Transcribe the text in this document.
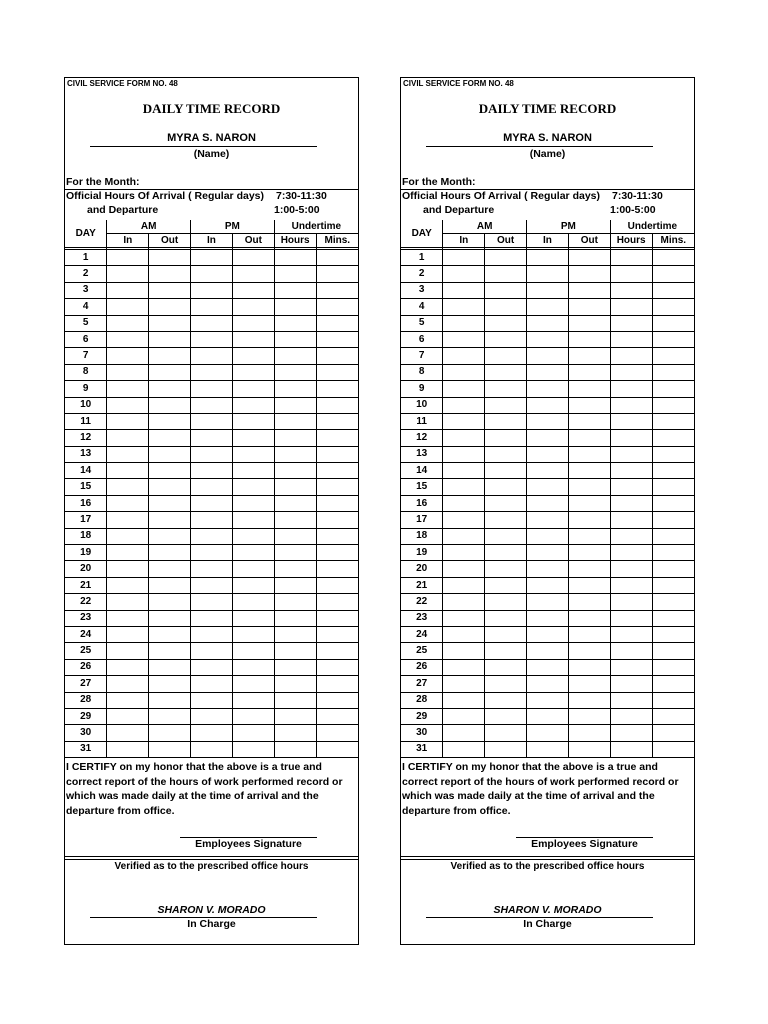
CIVIL SERVICE FORM NO. 48
DAILY TIME RECORD
MYRA S. NARON
(Name)
For the Month:
Official Hours Of Arrival ( Regular days) 7:30-11:30
and Departure	1:00-5:00
DAY	AM		PM		Undertime	
	In	Out	In	Out	Hours	Mins.

1						
2						
3						
4						
5						
6						
7						
8						
9						
10						
11						
12						
13						
14						
15						
16						
17						
18						
19						
20						
21						
22						
23						
24						
25						
26						
27						
28						
29						
30						
31						
I CERTIFY on my honor that the above is a true and correct report of the hours of work performed record or which was made daily at the time of arrival and the departure from office.
Employees Signature
Verified as to the prescribed office hours
SHARON V. MORADO
In Charge
CIVIL SERVICE FORM NO. 48
DAILY TIME RECORD
MYRA S. NARON
(Name)
For the Month:
Official Hours Of Arrival ( Regular days) 7:30-11:30
and Departure	1:00-5:00
DAY	AM		PM		Undertime	
	In	Out	In	Out	Hours	Mins.

1						
2						
3						
4						
5						
6						
7						
8						
9						
10						
11						
12						
13						
14						
15						
16						
17						
18						
19						
20						
21						
22						
23						
24						
25						
26						
27						
28						
29						
30						
31						
I CERTIFY on my honor that the above is a true and correct report of the hours of work performed record or which was made daily at the time of arrival and the departure from office.
Employees Signature
Verified as to the prescribed office hours
SHARON V. MORADO
In Charge
